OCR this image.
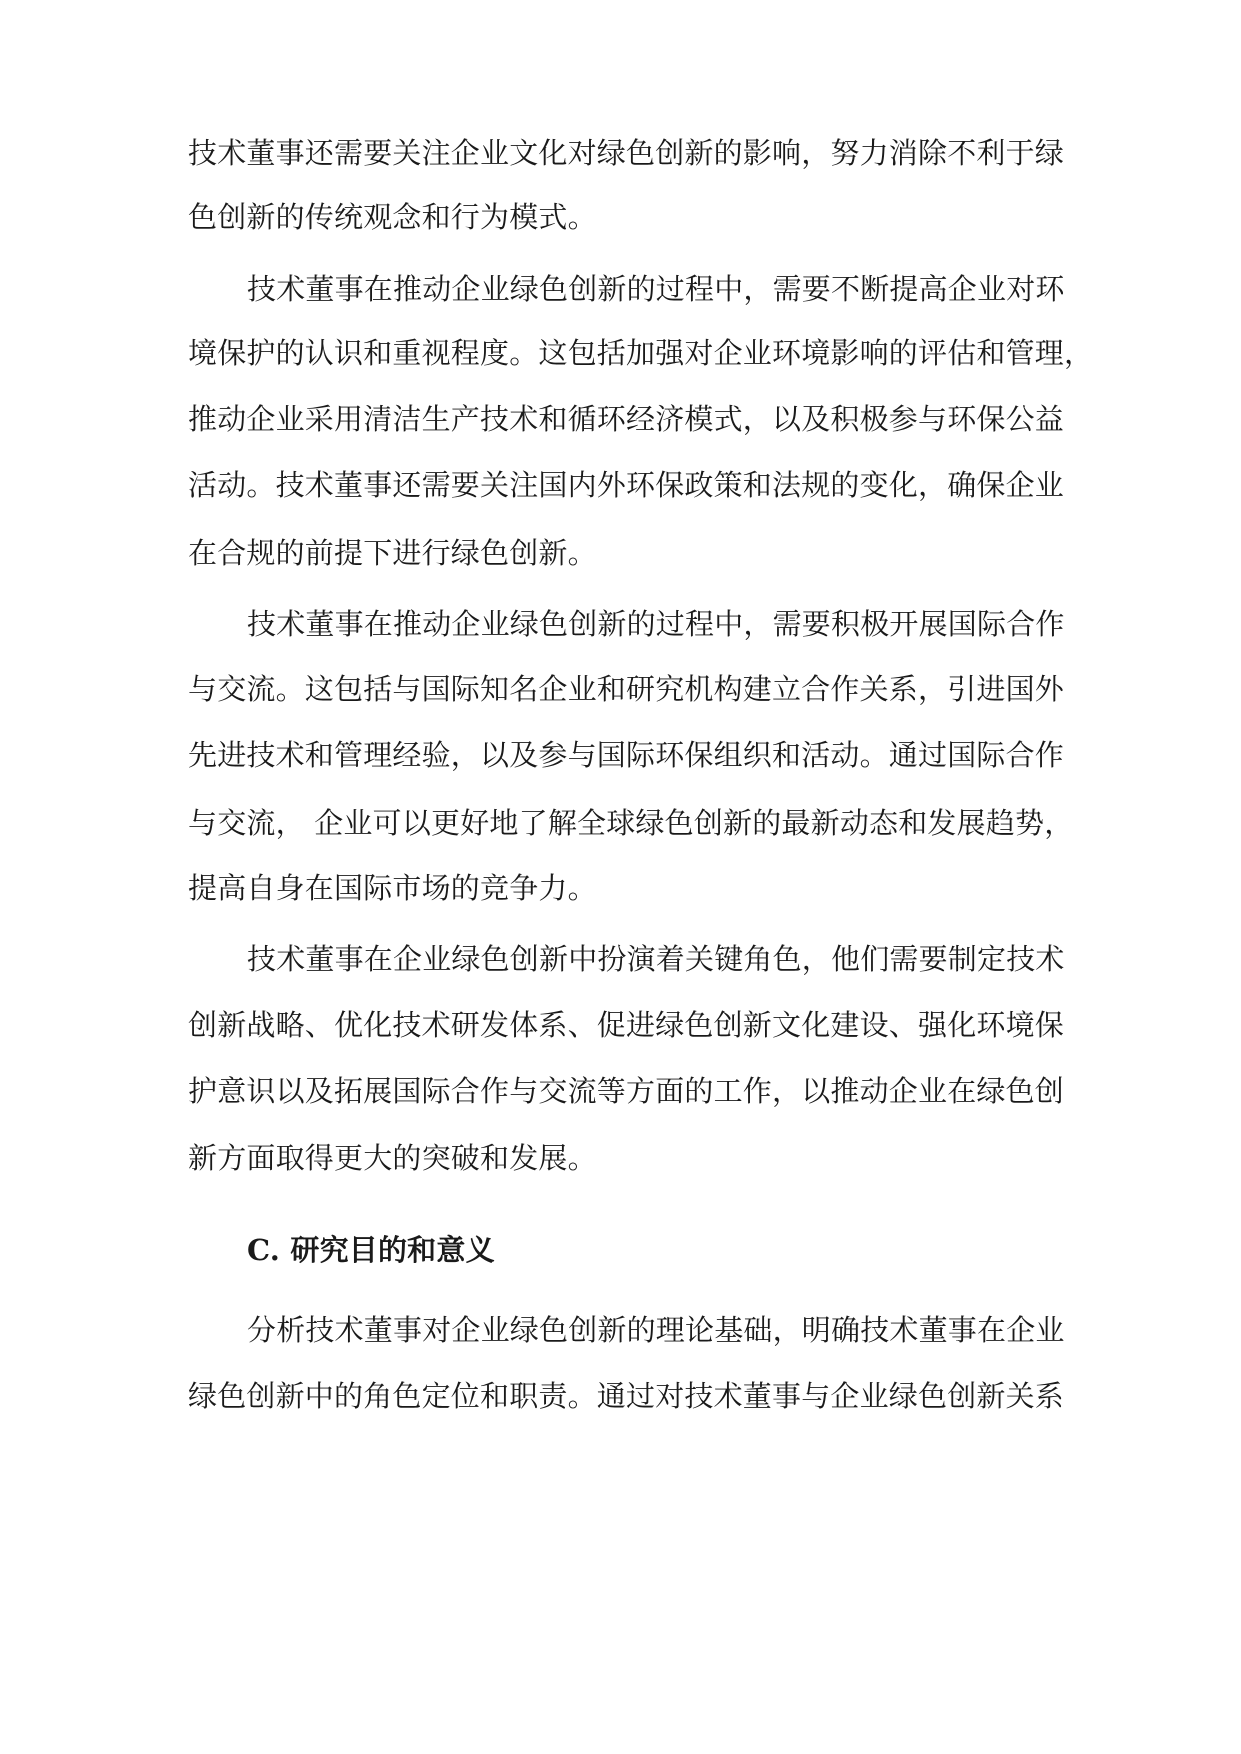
技术董事还需要关注企业文化对绿色创新的影响，努力消除不利于绿
色创新的传统观念和行为模式。
技术董事在推动企业绿色创新的过程中，需要不断提高企业对环
境保护的认识和重视程度。这包括加强对企业环境影响的评估和管理，
推动企业采用清洁生产技术和循环经济模式，以及积极参与环保公益
活动。技术董事还需要关注国内外环保政策和法规的变化，确保企业
在合规的前提下进行绿色创新。
技术董事在推动企业绿色创新的过程中，需要积极开展国际合作
与交流。这包括与国际知名企业和研究机构建立合作关系，引进国外
先进技术和管理经验，以及参与国际环保组织和活动。通过国际合作
与交流， 企业可以更好地了解全球绿色创新的最新动态和发展趋势，
提高自身在国际市场的竞争力。
技术董事在企业绿色创新中扮演着关键角色，他们需要制定技术
创新战略、优化技术研发体系、促进绿色创新文化建设、强化环境保
护意识以及拓展国际合作与交流等方面的工作，以推动企业在绿色创
新方面取得更大的突破和发展。
C. 研究目的和意义
分析技术董事对企业绿色创新的理论基础，明确技术董事在企业
绿色创新中的角色定位和职责。通过对技术董事与企业绿色创新关系
